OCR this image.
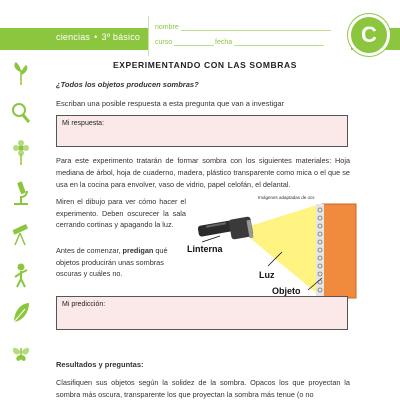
ciencias • 3º básico
nombre
curso	fecha	C
EXPERIMENTANDO CON LAS SOMBRAS
¿Todos los objetos producen sombras?
Escriban una posible respuesta a esta pregunta que van a investigar
Mi respuesta:
Para este experimento tratarán de formar sombra con los siguientes materiales: Hoja mediana de árbol, hoja de cuaderno, madera, plástico transparente como mica o el que se usa en la cocina para envolver, vaso de vidrio, papel celofán, el delantal.
Miren el dibujo para ver cómo hacer el experimento. Deben oscurecer la sala cerrando cortinas y apagando la luz.
Antes de comenzar, predigan qué objetos producirán unas sombras oscuras y cuáles no.
Imágenes adaptadas de ocs
Linterna
Luz
Objeto
Mi predicción:
Resultados y preguntas:
Clasifiquen sus objetos según la solidez de la sombra. Opacos los que proyectan la sombra más oscura, transparente los que proyectan la sombra más tenue (o no
